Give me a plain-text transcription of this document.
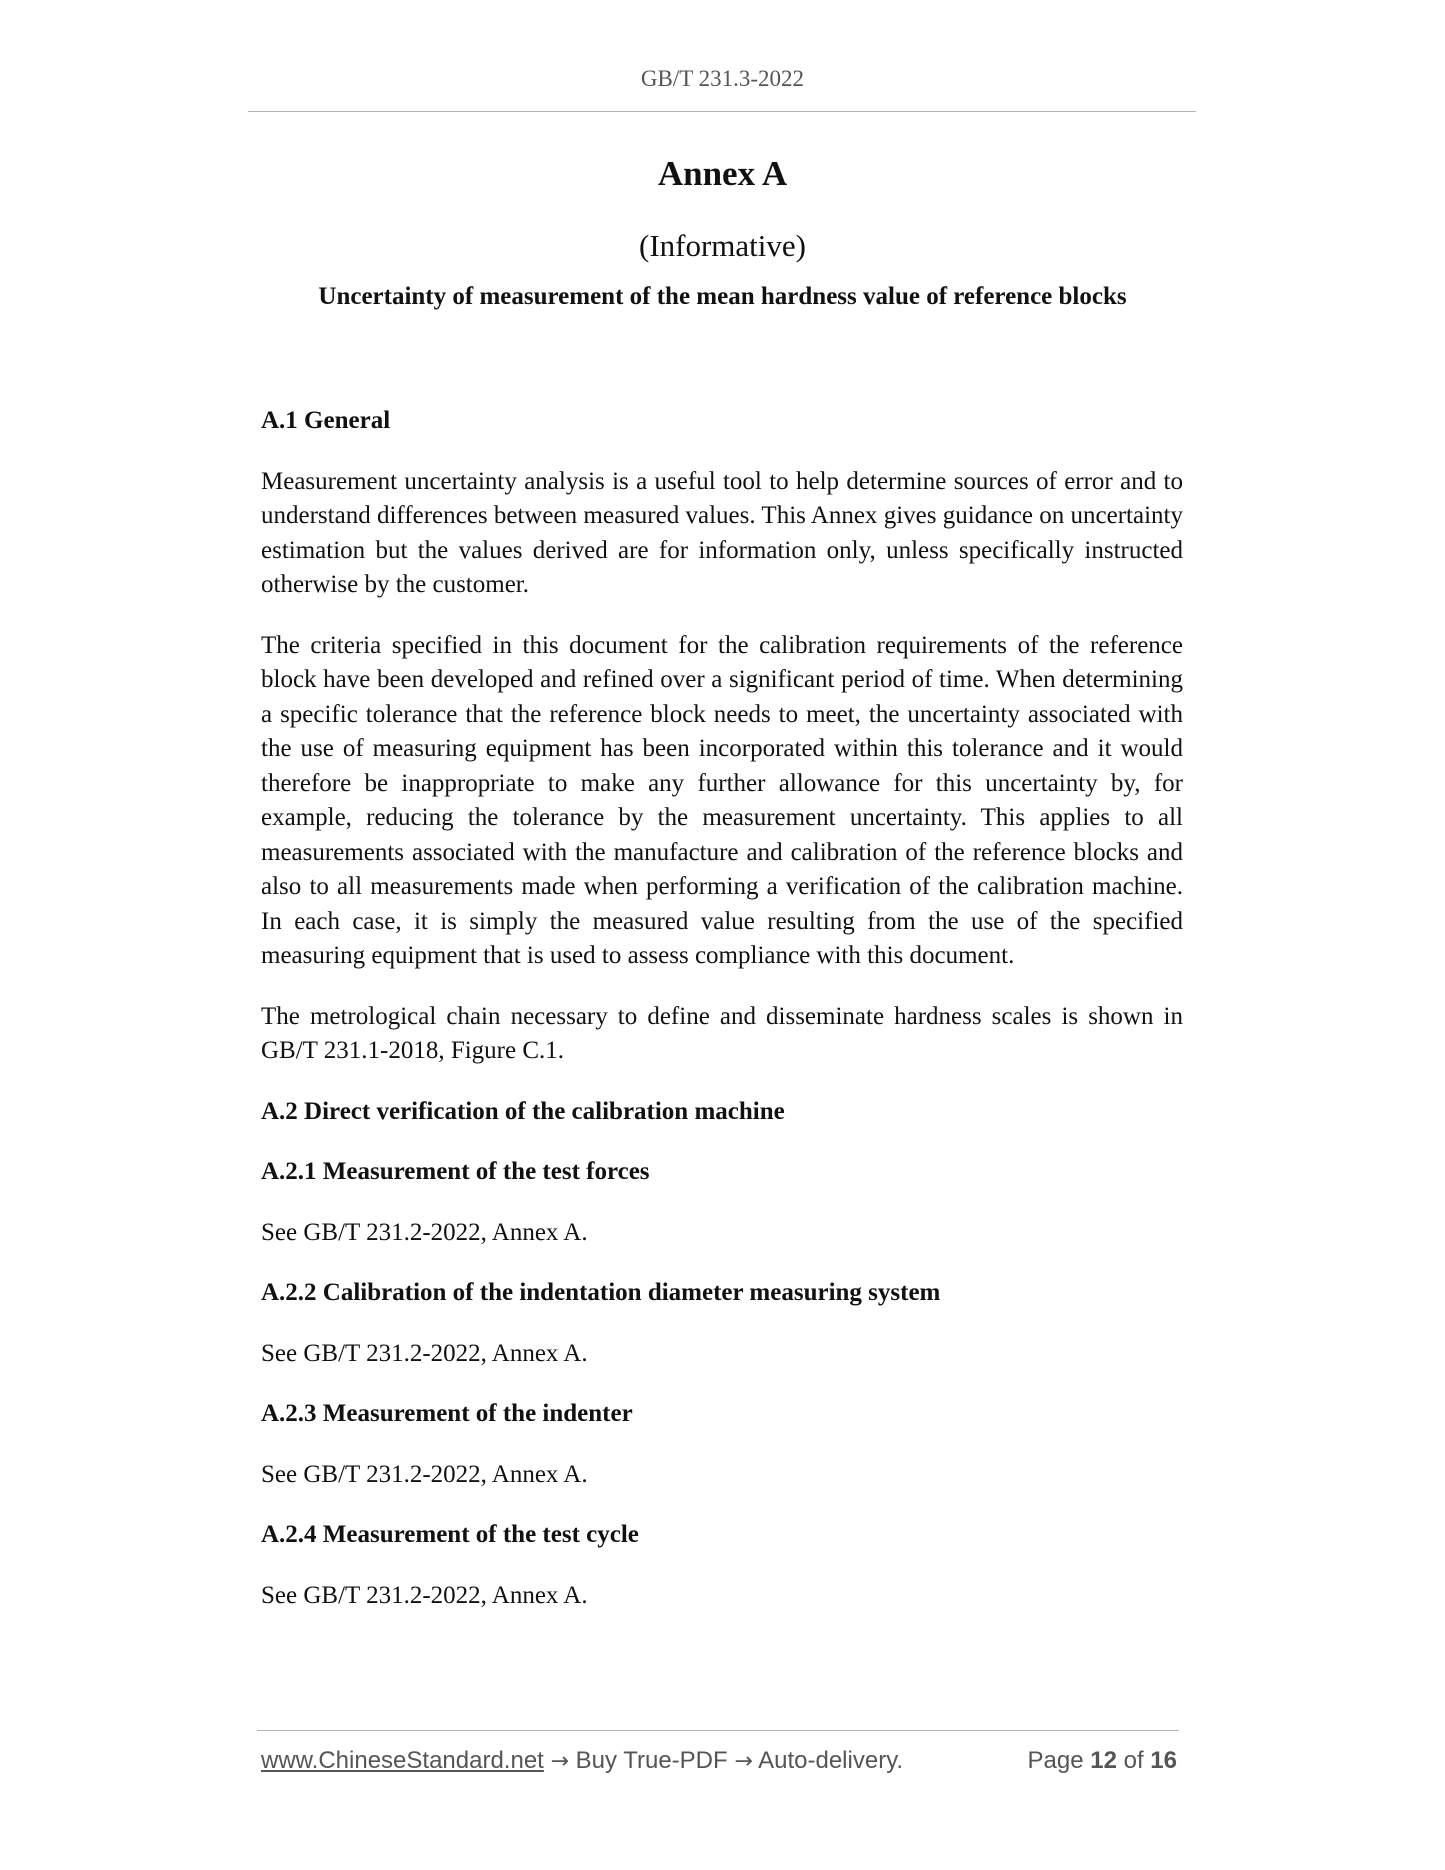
GB/T 231.3-2022
Annex A
(Informative)
Uncertainty of measurement of the mean hardness value of reference blocks
A.1 General

Measurement uncertainty analysis is a useful tool to help determine sources of error and to understand differences between measured values. This Annex gives guidance on uncertainty estimation but the values derived are for information only, unless specifically instructed otherwise by the customer.

The criteria specified in this document for the calibration requirements of the reference block have been developed and refined over a significant period of time. When determining a specific tolerance that the reference block needs to meet, the uncertainty associated with the use of measuring equipment has been incorporated within this tolerance and it would therefore be inappropriate to make any further allowance for this uncertainty by, for example, reducing the tolerance by the measurement uncertainty. This applies to all measurements associated with the manufacture and calibration of the reference blocks and also to all measurements made when performing a verification of the calibration machine. In each case, it is simply the measured value resulting from the use of the specified measuring equipment that is used to assess compliance with this document.

The metrological chain necessary to define and disseminate hardness scales is shown in GB/T 231.1-2018, Figure C.1.

A.2 Direct verification of the calibration machine
A.2.1 Measurement of the test forces

See GB/T 231.2-2022, Annex A.

A.2.2 Calibration of the indentation diameter measuring system

See GB/T 231.2-2022, Annex A.

A.2.3 Measurement of the indenter

See GB/T 231.2-2022, Annex A.

A.2.4 Measurement of the test cycle

See GB/T 231.2-2022, Annex A.

www.ChineseStandard.net → Buy True-PDF → Auto-delivery.	Page 12 of 16
